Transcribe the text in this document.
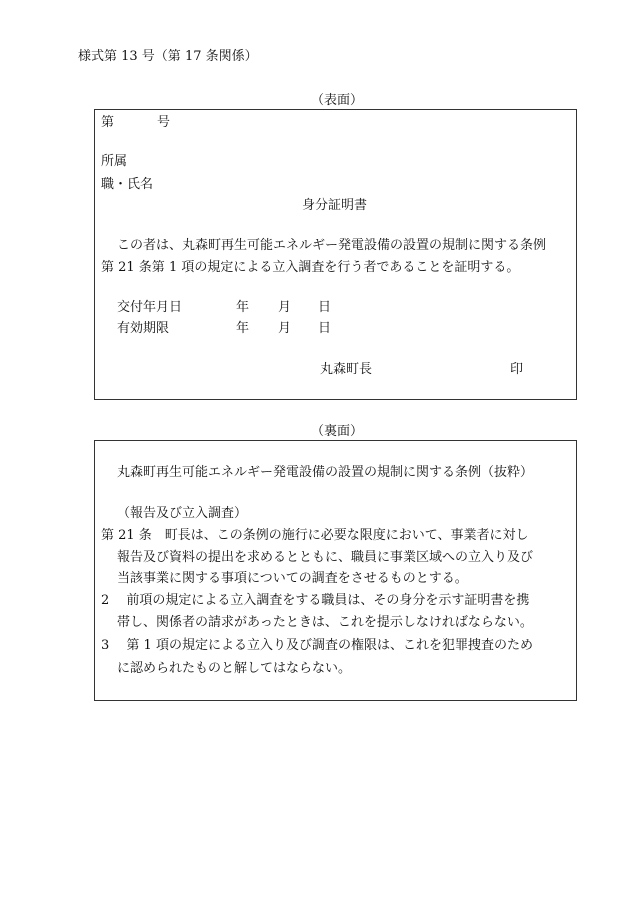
様式第 13 号（第 17 条関係）
（表面）
第	号
所属
職・氏名
身分証明書
この者は、丸森町再生可能エネルギー発電設備の設置の規制に関する条例
第 21 条第 1 項の規定による立入調査を行う者であることを証明する。
交付年月日	年 月 日
有効期限	年 月 日
丸森町長	印
（裏面）
丸森町再生可能エネルギー発電設備の設置の規制に関する条例（抜粋）
（報告及び立入調査）
第 21 条　町長は、この条例の施行に必要な限度において、事業者に対し
報告及び資料の提出を求めるとともに、職員に事業区域への立入り及び
当該事業に関する事項についての調査をさせるものとする。
2　 前項の規定による立入調査をする職員は、その身分を示す証明書を携
帯し、関係者の請求があったときは、これを提示しなければならない。
3　 第 1 項の規定による立入り及び調査の権限は、これを犯罪捜査のため
に認められたものと解してはならない。
